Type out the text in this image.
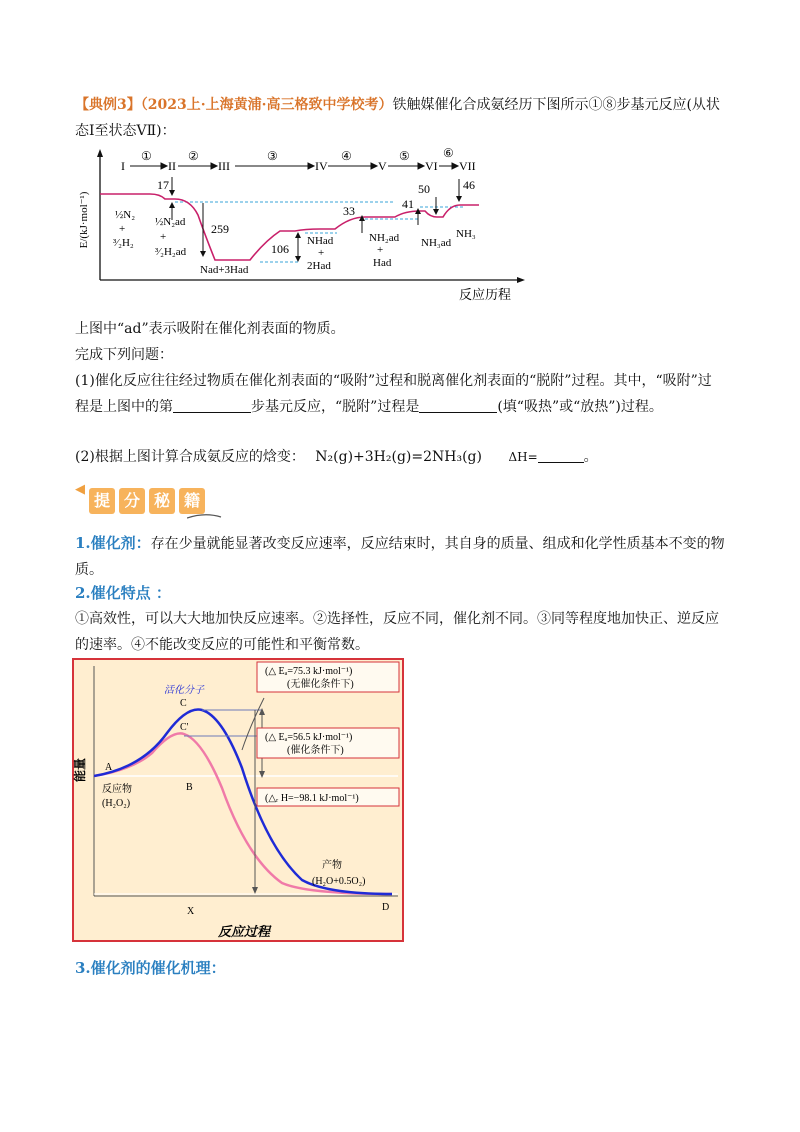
【典例3】（2023上·上海黄浦·高三格致中学校考）铁触媒催化合成氨经历下图所示①⑧步基元反应(从状态Ⅰ至状态VⅡ)：
E/(kJ·mol⁻¹)
反应历程
I	II	III	IV	V	VI VII
①	②	③	④	⑤	⑥
17
259
106
33	41
50	46
½N₂
+
³⁄₂H₂
½N₂ad
+
³⁄₂H₂ad
Nad+3Had
NHad
+
2Had
NH₂ad
+
Had
NH₃ad
NH₃
上图中“ad”表示吸附在催化剂表面的物质。
完成下列问题：
(1)催化反应往往经过物质在催化剂表面的“吸附”过程和脱离催化剂表面的“脱附”过程。其中，“吸附”过程是上图中的第	步基元反应，“脱附”过程是	(填“吸热”或“放热”)过程。
(2)根据上图计算合成氨反应的焓变： N₂(g)+3H₂(g)=2NH₃(g) ΔH=	。
◀
提 分 秘 籍
1.催化剂：存在少量就能显著改变反应速率，反应结束时，其自身的质量、组成和化学性质基本不变的物质。
2.催化特点 ：
①高效性，可以大大地加快反应速率。②选择性，反应不同，催化剂不同。③同等程度地加快正、逆反应的速率。④不能改变反应的可能性和平衡常数。
能量
反应过程
(△ Eₐ=75.3 kJ·mol⁻¹)
(无催化条件下)
(△ Eₐ=56.5 kJ·mol⁻¹)
(催化条件下)
(△ᵣ H=−98.1 kJ·mol⁻¹)
活化分子
C
C'
A
B
反应物
(H₂O₂)
产物
(H₂O+0.5O₂)
X	D
3.催化剂的催化机理：
